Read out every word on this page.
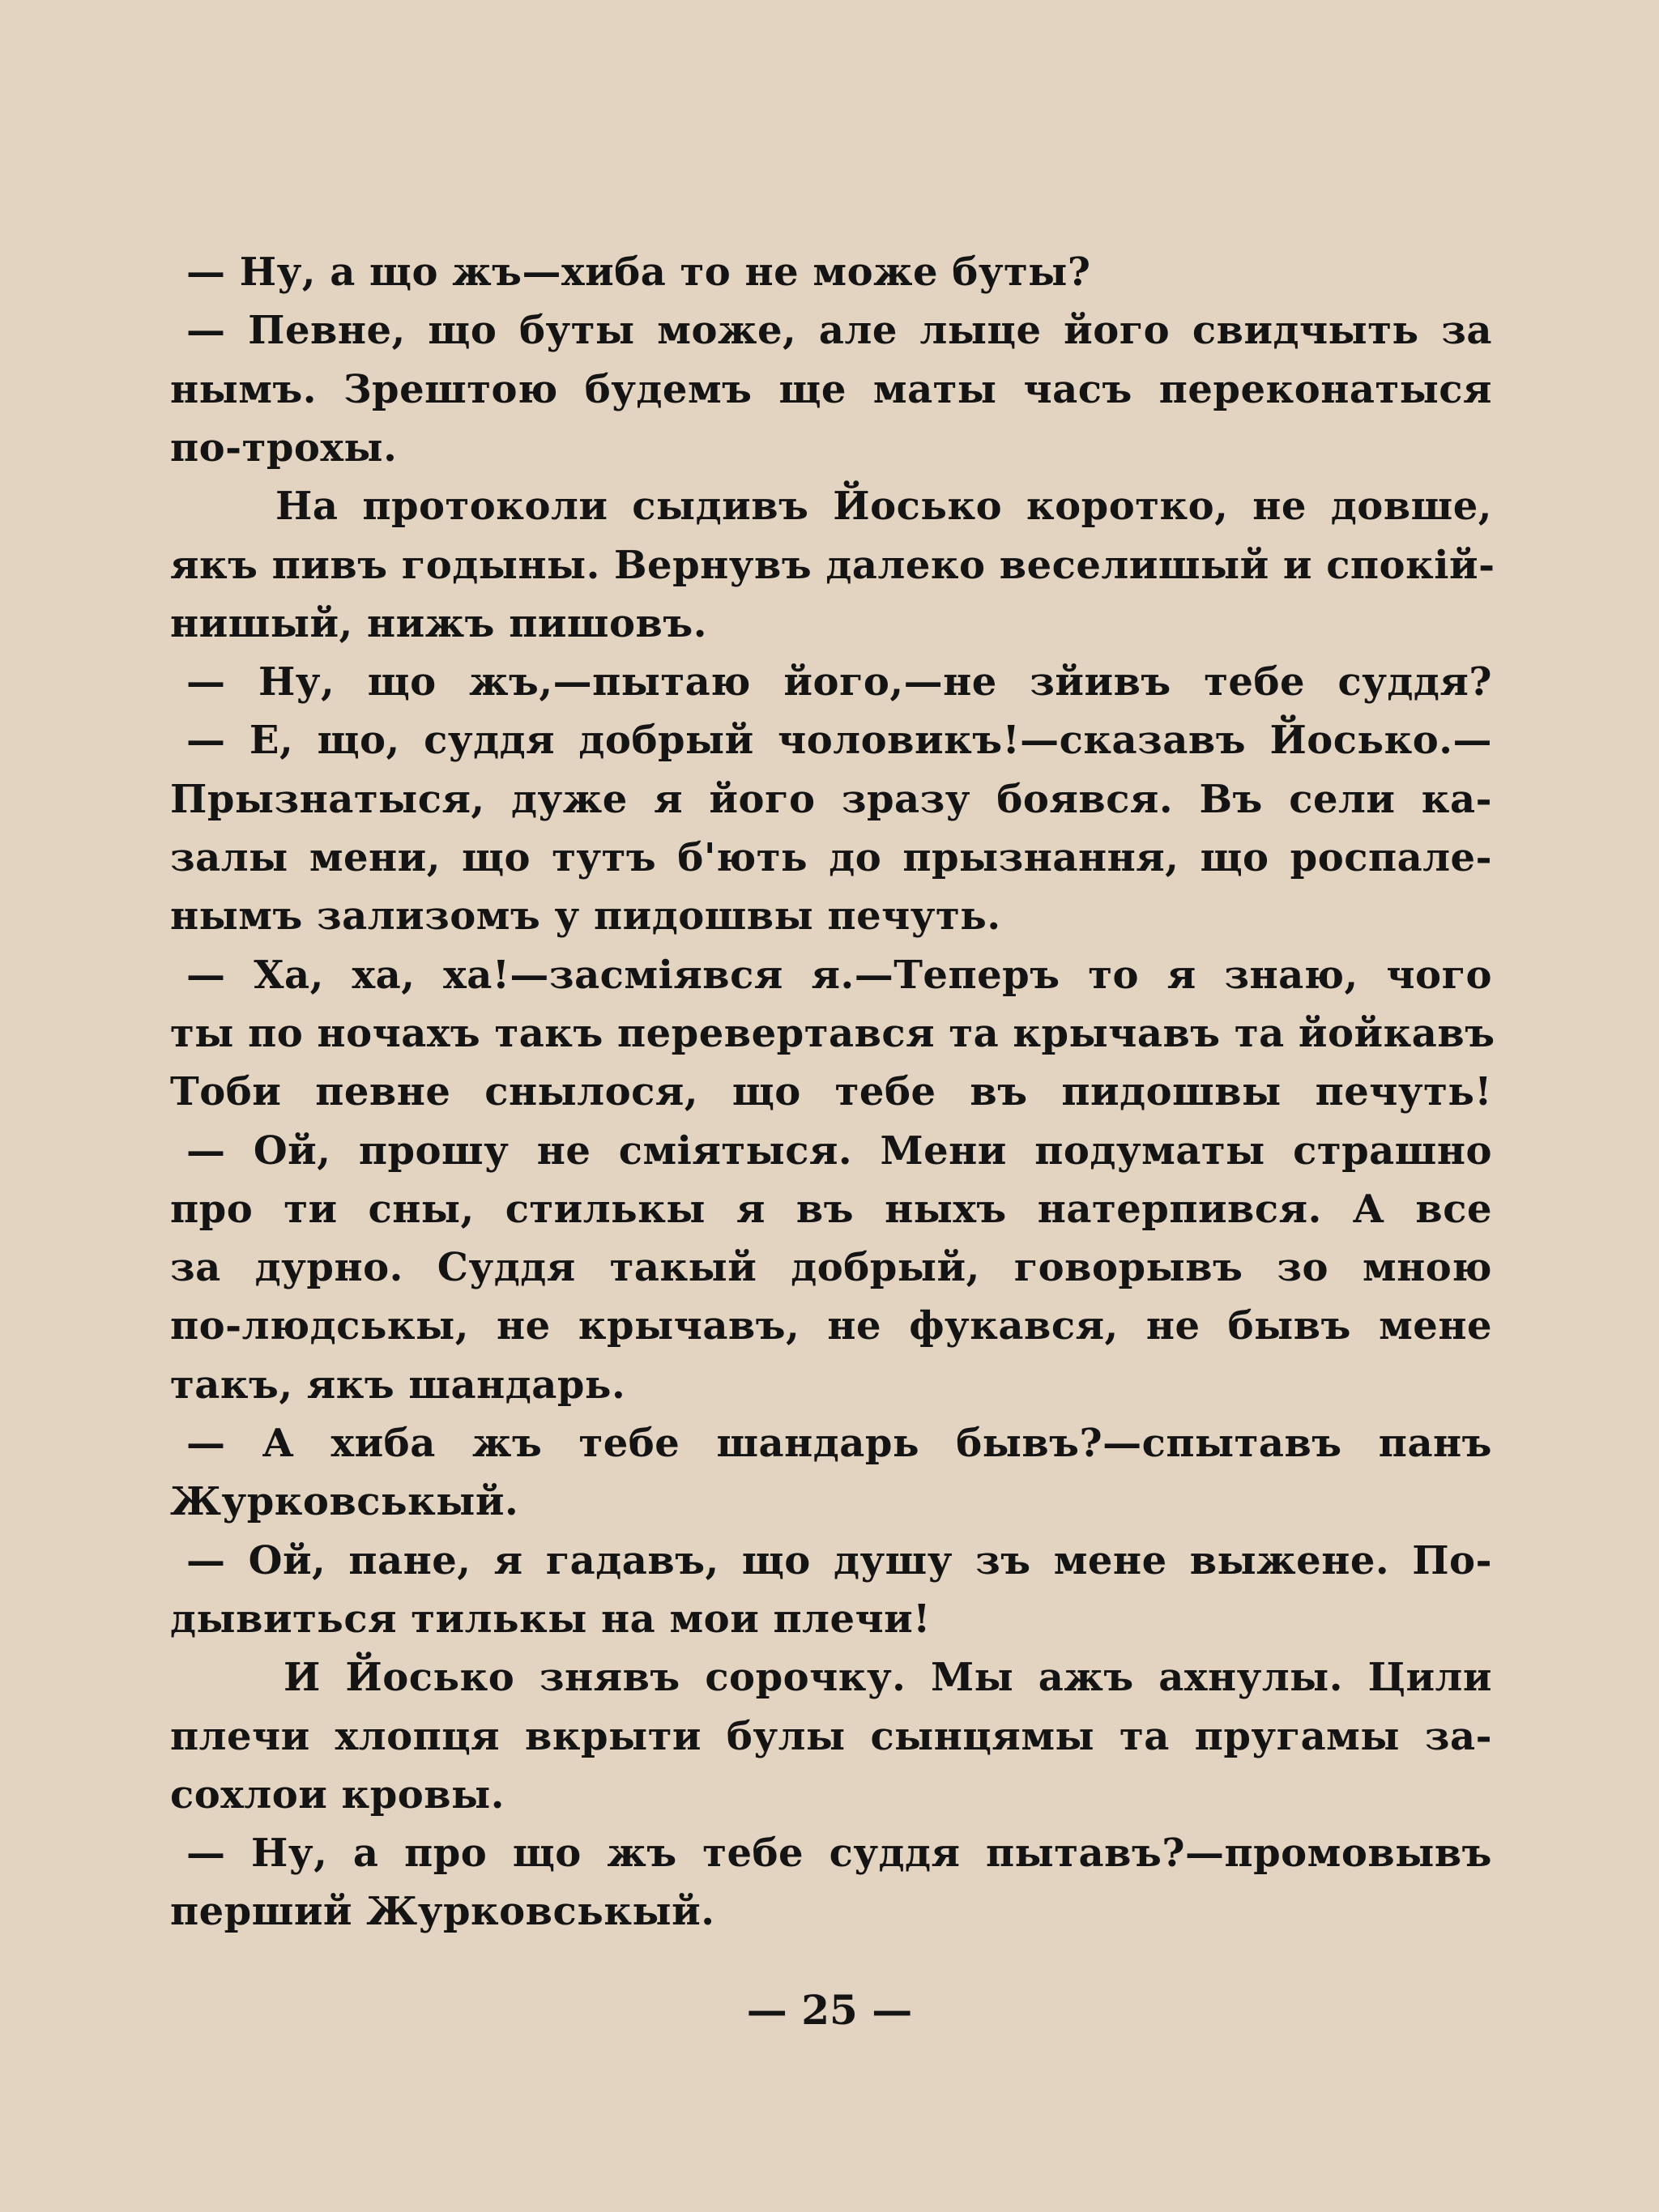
— Ну, а що жъ—хиба то не може буты?
— Певне, що буты може, але лыце його свидчыть за
нымъ. Зрештою будемъ ще маты часъ переконатыся
по-трохы.
На протоколи сыдивъ Йосько коротко, не довше,
якъ пивъ годыны. Вернувъ далеко веселишый и спокій-
нишый, нижъ пишовъ.
— Ну, що жъ,—пытаю його,—не зйивъ тебе суддя?
— Е, що, суддя добрый чоловикъ!—сказавъ Йосько.—
Прызнатыся, дуже я його зразу боявся. Въ сели ка-
залы мени, що тутъ б'ють до прызнання, що роспале-
нымъ зализомъ у пидошвы печуть.
— Ха, ха, ха!—засміявся я.—Теперъ то я знаю, чого
ты по ночахъ такъ перевертався та крычавъ та йойкавъ
Тоби певне снылося, що тебе въ пидошвы печуть!
— Ой, прошу не сміятыся. Мени подуматы страшно
про ти сны, стилькы я въ ныхъ натерпився. А все
за дурно. Суддя такый добрый, говорывъ зо мною
по-людськы, не крычавъ, не фукався, не бывъ мене
такъ, якъ шандарь.
— А хиба жъ тебе шандарь бывъ?—спытавъ панъ
Журковськый.
— Ой, пане, я гадавъ, що душу зъ мене выжене. По-
дывиться тилькы на мои плечи!
И Йосько знявъ сорочку. Мы ажъ ахнулы. Цили
плечи хлопця вкрыти булы сынцямы та пругамы за-
сохлои кровы.
— Ну, а про що жъ тебе суддя пытавъ?—промовывъ
перший Журковськый.
— 25 —
